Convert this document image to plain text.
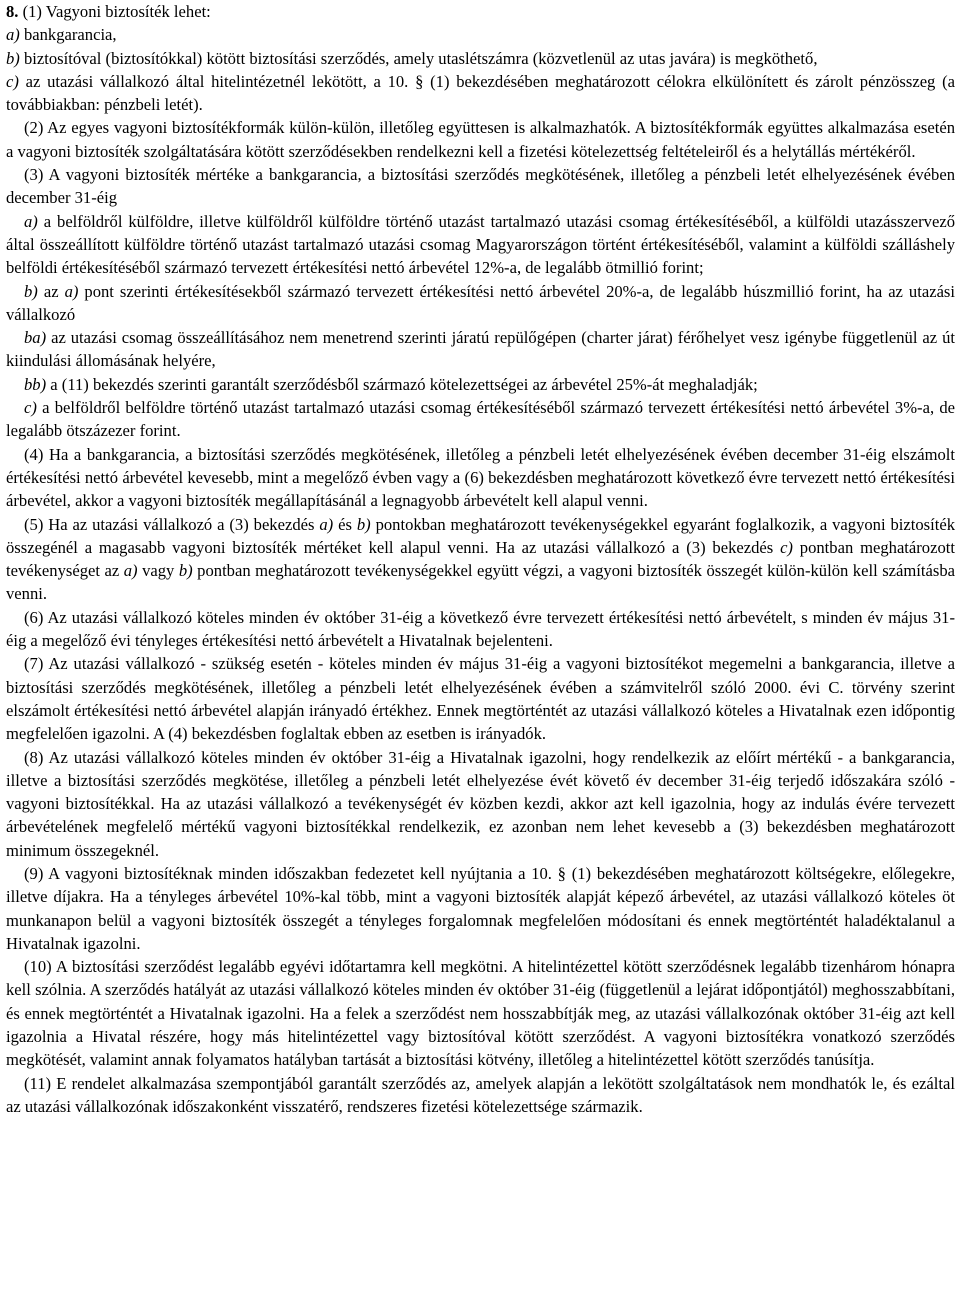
8. (1) Vagyoni biztosíték lehet:

a) bankgarancia,

b) biztosítóval (biztosítókkal) kötött biztosítási szerződés, amely utaslétszámra (közvetlenül az utas javára) is megköthető,

c) az utazási vállalkozó által hitelintézetnél lekötött, a 10. § (1) bekezdésében meghatározott célokra elkülönített és zárolt pénzösszeg (a továbbiakban: pénzbeli letét).

(2) Az egyes vagyoni biztosítékformák külön-külön, illetőleg együttesen is alkalmazhatók. A biztosítékformák együttes alkalmazása esetén a vagyoni biztosíték szolgáltatására kötött szerződésekben rendelkezni kell a fizetési kötelezettség feltételeiről és a helytállás mértékéről.

(3) A vagyoni biztosíték mértéke a bankgarancia, a biztosítási szerződés megkötésének, illetőleg a pénzbeli letét elhelyezésének évében december 31-éig

a) a belföldről külföldre, illetve külföldről külföldre történő utazást tartalmazó utazási csomag értékesítéséből, a külföldi utazásszervező által összeállított külföldre történő utazást tartalmazó utazási csomag Magyarországon történt értékesítéséből, valamint a külföldi szálláshely belföldi értékesítéséből származó tervezett értékesítési nettó árbevétel 12%-a, de legalább ötmillió forint;

b) az a) pont szerinti értékesítésekből származó tervezett értékesítési nettó árbevétel 20%-a, de legalább húszmillió forint, ha az utazási vállalkozó

ba) az utazási csomag összeállításához nem menetrend szerinti járatú repülőgépen (charter járat) férőhelyet vesz igénybe függetlenül az út kiindulási állomásának helyére,

bb) a (11) bekezdés szerinti garantált szerződésből származó kötelezettségei az árbevétel 25%-át meghaladják;

c) a belföldről belföldre történő utazást tartalmazó utazási csomag értékesítéséből származó tervezett értékesítési nettó árbevétel 3%-a, de legalább ötszázezer forint.

(4) Ha a bankgarancia, a biztosítási szerződés megkötésének, illetőleg a pénzbeli letét elhelyezésének évében december 31-éig elszámolt értékesítési nettó árbevétel kevesebb, mint a megelőző évben vagy a (6) bekezdésben meghatározott következő évre tervezett nettó értékesítési árbevétel, akkor a vagyoni biztosíték megállapításánál a legnagyobb árbevételt kell alapul venni.

(5) Ha az utazási vállalkozó a (3) bekezdés a) és b) pontokban meghatározott tevékenységekkel egyaránt foglalkozik, a vagyoni biztosíték összegénél a magasabb vagyoni biztosíték mértéket kell alapul venni. Ha az utazási vállalkozó a (3) bekezdés c) pontban meghatározott tevékenységet az a) vagy b) pontban meghatározott tevékenységekkel együtt végzi, a vagyoni biztosíték összegét külön-külön kell számításba venni.

(6) Az utazási vállalkozó köteles minden év október 31-éig a következő évre tervezett értékesítési nettó árbevételt, s minden év május 31-éig a megelőző évi tényleges értékesítési nettó árbevételt a Hivatalnak bejelenteni.

(7) Az utazási vállalkozó - szükség esetén - köteles minden év május 31-éig a vagyoni biztosítékot megemelni a bankgarancia, illetve a biztosítási szerződés megkötésének, illetőleg a pénzbeli letét elhelyezésének évében a számvitelről szóló 2000. évi C. törvény szerint elszámolt értékesítési nettó árbevétel alapján irányadó értékhez. Ennek megtörténtét az utazási vállalkozó köteles a Hivatalnak ezen időpontig megfelelően igazolni. A (4) bekezdésben foglaltak ebben az esetben is irányadók.

(8) Az utazási vállalkozó köteles minden év október 31-éig a Hivatalnak igazolni, hogy rendelkezik az előírt mértékű - a bankgarancia, illetve a biztosítási szerződés megkötése, illetőleg a pénzbeli letét elhelyezése évét követő év december 31-éig terjedő időszakára szóló - vagyoni biztosítékkal. Ha az utazási vállalkozó a tevékenységét év közben kezdi, akkor azt kell igazolnia, hogy az indulás évére tervezett árbevételének megfelelő mértékű vagyoni biztosítékkal rendelkezik, ez azonban nem lehet kevesebb a (3) bekezdésben meghatározott minimum összegeknél.

(9) A vagyoni biztosítéknak minden időszakban fedezetet kell nyújtania a 10. § (1) bekezdésében meghatározott költségekre, előlegekre, illetve díjakra. Ha a tényleges árbevétel 10%-kal több, mint a vagyoni biztosíték alapját képező árbevétel, az utazási vállalkozó köteles öt munkanapon belül a vagyoni biztosíték összegét a tényleges forgalomnak megfelelően módosítani és ennek megtörténtét haladéktalanul a Hivatalnak igazolni.

(10) A biztosítási szerződést legalább egyévi időtartamra kell megkötni. A hitelintézettel kötött szerződésnek legalább tizenhárom hónapra kell szólnia. A szerződés hatályát az utazási vállalkozó köteles minden év október 31-éig (függetlenül a lejárat időpontjától) meghosszabbítani, és ennek megtörténtét a Hivatalnak igazolni. Ha a felek a szerződést nem hosszabbítják meg, az utazási vállalkozónak október 31-éig azt kell igazolnia a Hivatal részére, hogy más hitelintézettel vagy biztosítóval kötött szerződést. A vagyoni biztosítékra vonatkozó szerződés megkötését, valamint annak folyamatos hatályban tartását a biztosítási kötvény, illetőleg a hitelintézettel kötött szerződés tanúsítja.

(11) E rendelet alkalmazása szempontjából garantált szerződés az, amelyek alapján a lekötött szolgáltatások nem mondhatók le, és ezáltal az utazási vállalkozónak időszakonként visszatérő, rendszeres fizetési kötelezettsége származik.
